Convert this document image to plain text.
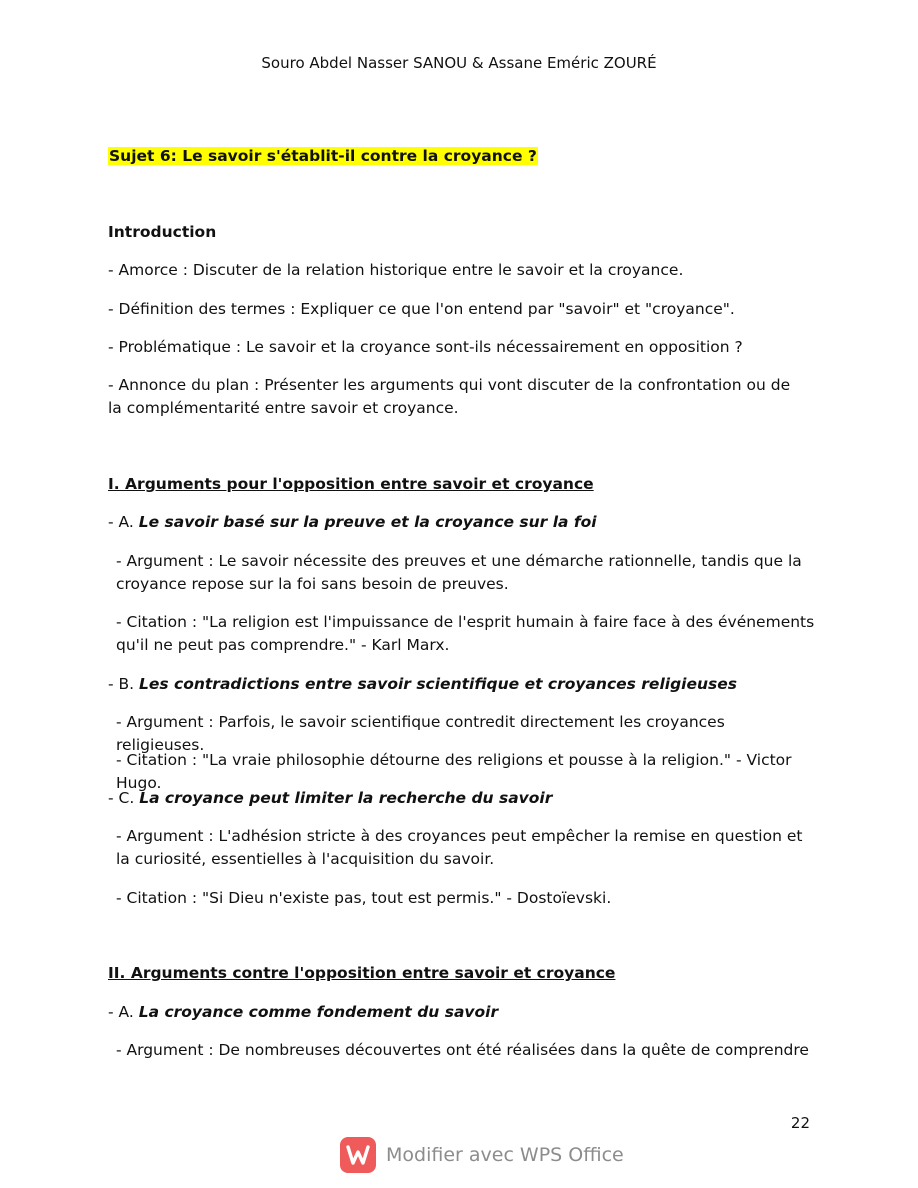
Souro Abdel Nasser SANOU & Assane Eméric ZOURÉ

Sujet 6: Le savoir s'établit-il contre la croyance ?

Introduction

- Amorce : Discuter de la relation historique entre le savoir et la croyance.

- Définition des termes : Expliquer ce que l'on entend par "savoir" et "croyance".

- Problématique : Le savoir et la croyance sont-ils nécessairement en opposition ?

- Annonce du plan : Présenter les arguments qui vont discuter de la confrontation ou de la complémentarité entre savoir et croyance.

I. Arguments pour l'opposition entre savoir et croyance

- A. Le savoir basé sur la preuve et la croyance sur la foi

- Argument : Le savoir nécessite des preuves et une démarche rationnelle, tandis que la croyance repose sur la foi sans besoin de preuves.

- Citation : "La religion est l'impuissance de l'esprit humain à faire face à des événements qu'il ne peut pas comprendre." - Karl Marx.

- B. Les contradictions entre savoir scientifique et croyances religieuses

- Argument : Parfois, le savoir scientifique contredit directement les croyances religieuses.

- Citation : "La vraie philosophie détourne des religions et pousse à la religion." - Victor Hugo.

- C. La croyance peut limiter la recherche du savoir

- Argument : L'adhésion stricte à des croyances peut empêcher la remise en question et la curiosité, essentielles à l'acquisition du savoir.

- Citation : "Si Dieu n'existe pas, tout est permis." - Dostoïevski.

II. Arguments contre l'opposition entre savoir et croyance

- A. La croyance comme fondement du savoir

- Argument : De nombreuses découvertes ont été réalisées dans la quête de comprendre

22
Modifier avec WPS Office
